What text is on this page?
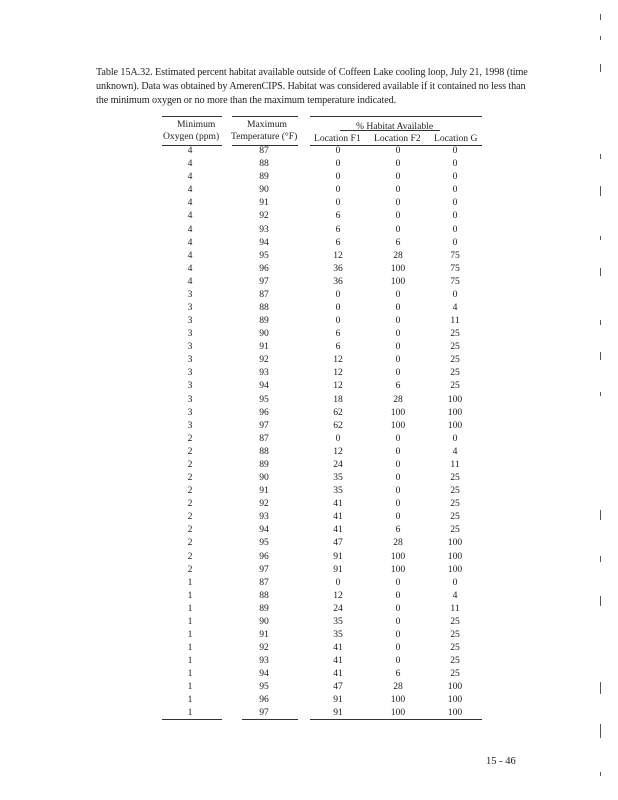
Table 15A.32. Estimated percent habitat available outside of Coffeen Lake cooling loop, July 21, 1998 (time unknown). Data was obtained by AmerenCIPS. Habitat was considered available if it contained no less than the minimum oxygen or no more than the maximum temperature indicated.
Minimum
Oxygen (ppm)
Maximum
Temperature (°F)
% Habitat Available
Location F1 Location F2 Location G
4	87	0	0	0
4	88	0	0	0
4	89	0	0	0
4	90	0	0	0
4	91	0	0	0
4	92	6	0	0
4	93	6	0	0
4	94	6	6	0
4	95	12	28	75
4	96	36	100	75
4	97	36	100	75
3	87	0	0	0
3	88	0	0	4
3	89	0	0	11
3	90	6	0	25
3	91	6	0	25
3	92	12	0	25
3	93	12	0	25
3	94	12	6	25
3	95	18	28	100
3	96	62	100	100
3	97	62	100	100
2	87	0	0	0
2	88	12	0	4
2	89	24	0	11
2	90	35	0	25
2	91	35	0	25
2	92	41	0	25
2	93	41	0	25
2	94	41	6	25
2	95	47	28	100
2	96	91	100	100
2	97	91	100	100
1	87	0	0	0
1	88	12	0	4
1	89	24	0	11
1	90	35	0	25
1	91	35	0	25
1	92	41	0	25
1	93	41	0	25
1	94	41	6	25
1	95	47	28	100
1	96	91	100	100
1	97	91	100	100
15 - 46
